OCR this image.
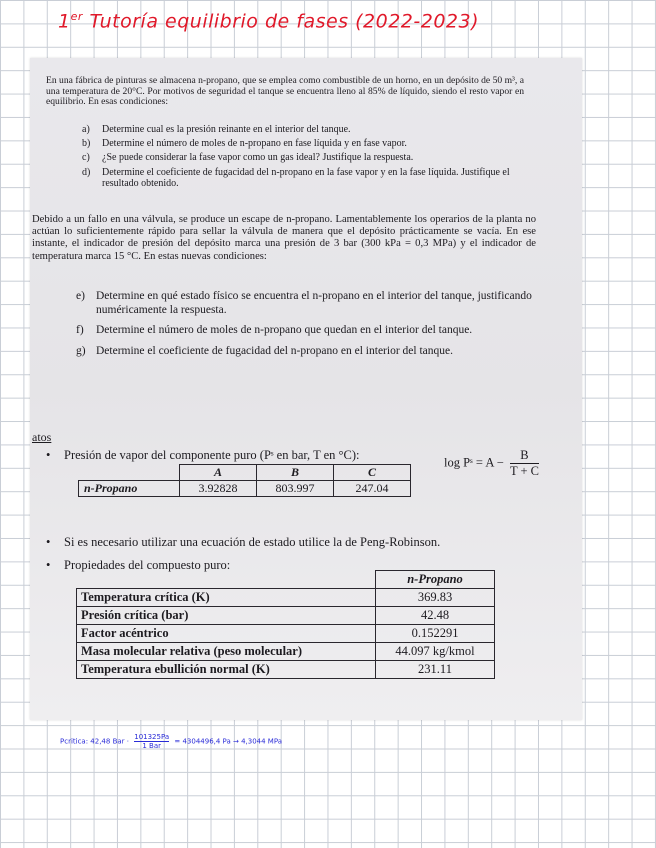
1er Tutoría equilibrio de fases (2022-2023)
En una fábrica de pinturas se almacena n-propano, que se emplea como combustible de un horno, en un depósito de 50 m³, a una temperatura de 20°C. Por motivos de seguridad el tanque se encuentra lleno al 85% de líquido, siendo el resto vapor en equilibrio. En esas condiciones:
a) Determine cual es la presión reinante en el interior del tanque.
b) Determine el número de moles de n-propano en fase líquida y en fase vapor.
c) ¿Se puede considerar la fase vapor como un gas ideal? Justifique la respuesta.
d) Determine el coeficiente de fugacidad del n-propano en la fase vapor y en la fase líquida. Justifique el resultado obtenido.
Debido a un fallo en una válvula, se produce un escape de n-propano. Lamentablemente los operarios de la planta no actúan lo suficientemente rápido para sellar la válvula de manera que el depósito prácticamente se vacía. En ese instante, el indicador de presión del depósito marca una presión de 3 bar (300 kPa = 0,3 MPa) y el indicador de temperatura marca 15 °C. En estas nuevas condiciones:
e) Determine en qué estado físico se encuentra el n-propano en el interior del tanque, justificando numéricamente la respuesta.
f) Determine el número de moles de n-propano que quedan en el interior del tanque.
g) Determine el coeficiente de fugacidad del n-propano en el interior del tanque.
atos
• Presión de vapor del componente puro (Pˢ en bar, T en °C):
log Pˢ = $A - \frac{B}{T + C}$
	A	B	C
n-Propano	3.92828	803.997	247.04
• Si es necesario utilizar una ecuación de estado utilice la de Peng-Robinson.
• Propiedades del compuesto puro:
	n-Propano
Temperatura crítica (K)	369.83
Presión crítica (bar)	42.48
Factor acéntrico	0.152291
Masa molecular relativa (peso molecular)	44.097 kg/kmol
Temperatura ebullición normal (K)	231.11
Pcritica: 42,48 Bar ·
101325Pa
1 Bar
= 4304496,4 Pa → 4,3044 MPa
